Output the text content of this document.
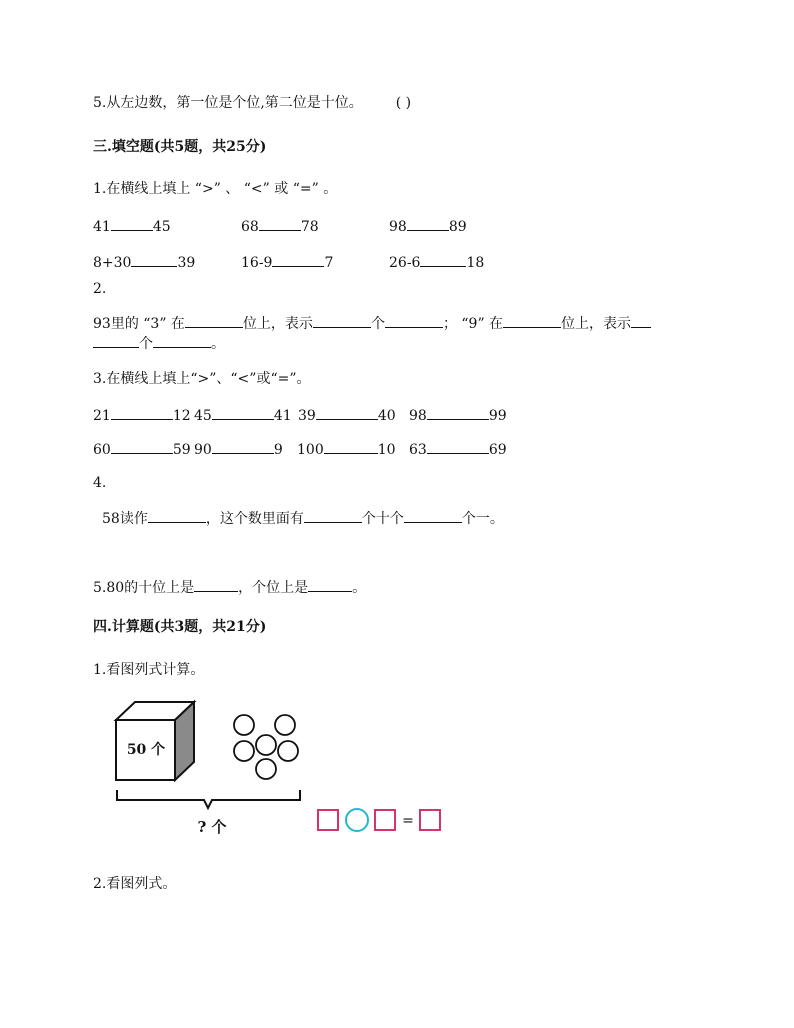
5.从左边数，第一位是个位,第二位是十位。 ( )
三.填空题(共5题，共25分)
1.在横线上填上 “>” 、 “<” 或 “=” 。
41	45	68	78	98	89
8+30	39	16-9	7	26-6	18
2.
93里的 “3” 在	位上，表示	个	； “9” 在	位上，表示
个	。
3.在横线上填上“>”、“<”或“=”。
21	12 45	41 39	40 98	99
60	59 90	9 100	10 63	69
4.
58读作	，这个数里面有	个十个	个一。
5.80的十位上是	，个位上是	。
四.计算题(共3题，共21分)
1.看图列式计算。
50 个
? 个	=
2.看图列式。
